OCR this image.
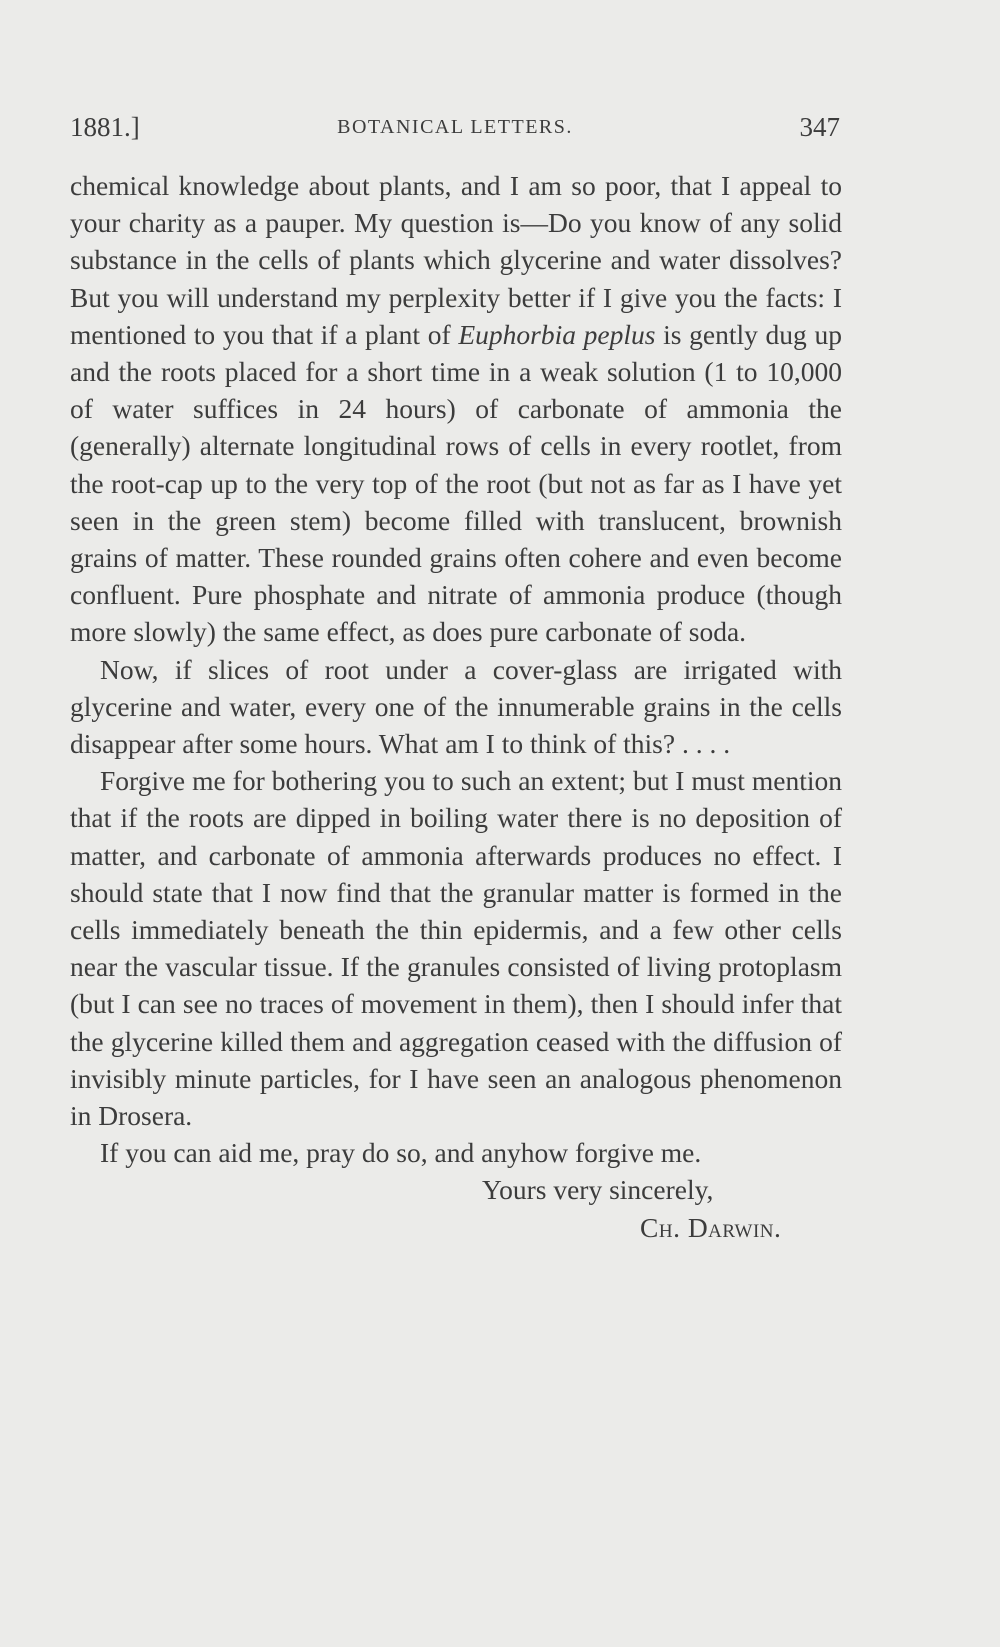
1881.]	BOTANICAL LETTERS.	347

chemical knowledge about plants, and I am so poor, that I appeal to your charity as a pauper. My question is—Do you know of any solid substance in the cells of plants which glycerine and water dissolves? But you will understand my perplexity better if I give you the facts: I mentioned to you that if a plant of Euphorbia peplus is gently dug up and the roots placed for a short time in a weak solution (1 to 10,000 of water suffices in 24 hours) of carbonate of ammonia the (generally) alternate longitudinal rows of cells in every rootlet, from the root-cap up to the very top of the root (but not as far as I have yet seen in the green stem) become filled with translucent, brownish grains of matter. These rounded grains often cohere and even become confluent. Pure phosphate and nitrate of ammonia produce (though more slowly) the same effect, as does pure carbonate of soda.

Now, if slices of root under a cover-glass are irrigated with glycerine and water, every one of the innumerable grains in the cells disappear after some hours. What am I to think of this? . . . .

Forgive me for bothering you to such an extent; but I must mention that if the roots are dipped in boiling water there is no deposition of matter, and carbonate of ammonia afterwards produces no effect. I should state that I now find that the granular matter is formed in the cells immediately beneath the thin epidermis, and a few other cells near the vascular tissue. If the granules consisted of living protoplasm (but I can see no traces of movement in them), then I should infer that the glycerine killed them and aggregation ceased with the diffusion of invisibly minute particles, for I have seen an analogous phenomenon in Drosera.

If you can aid me, pray do so, and anyhow forgive me.

Yours very sincerely,

Ch. Darwin.
